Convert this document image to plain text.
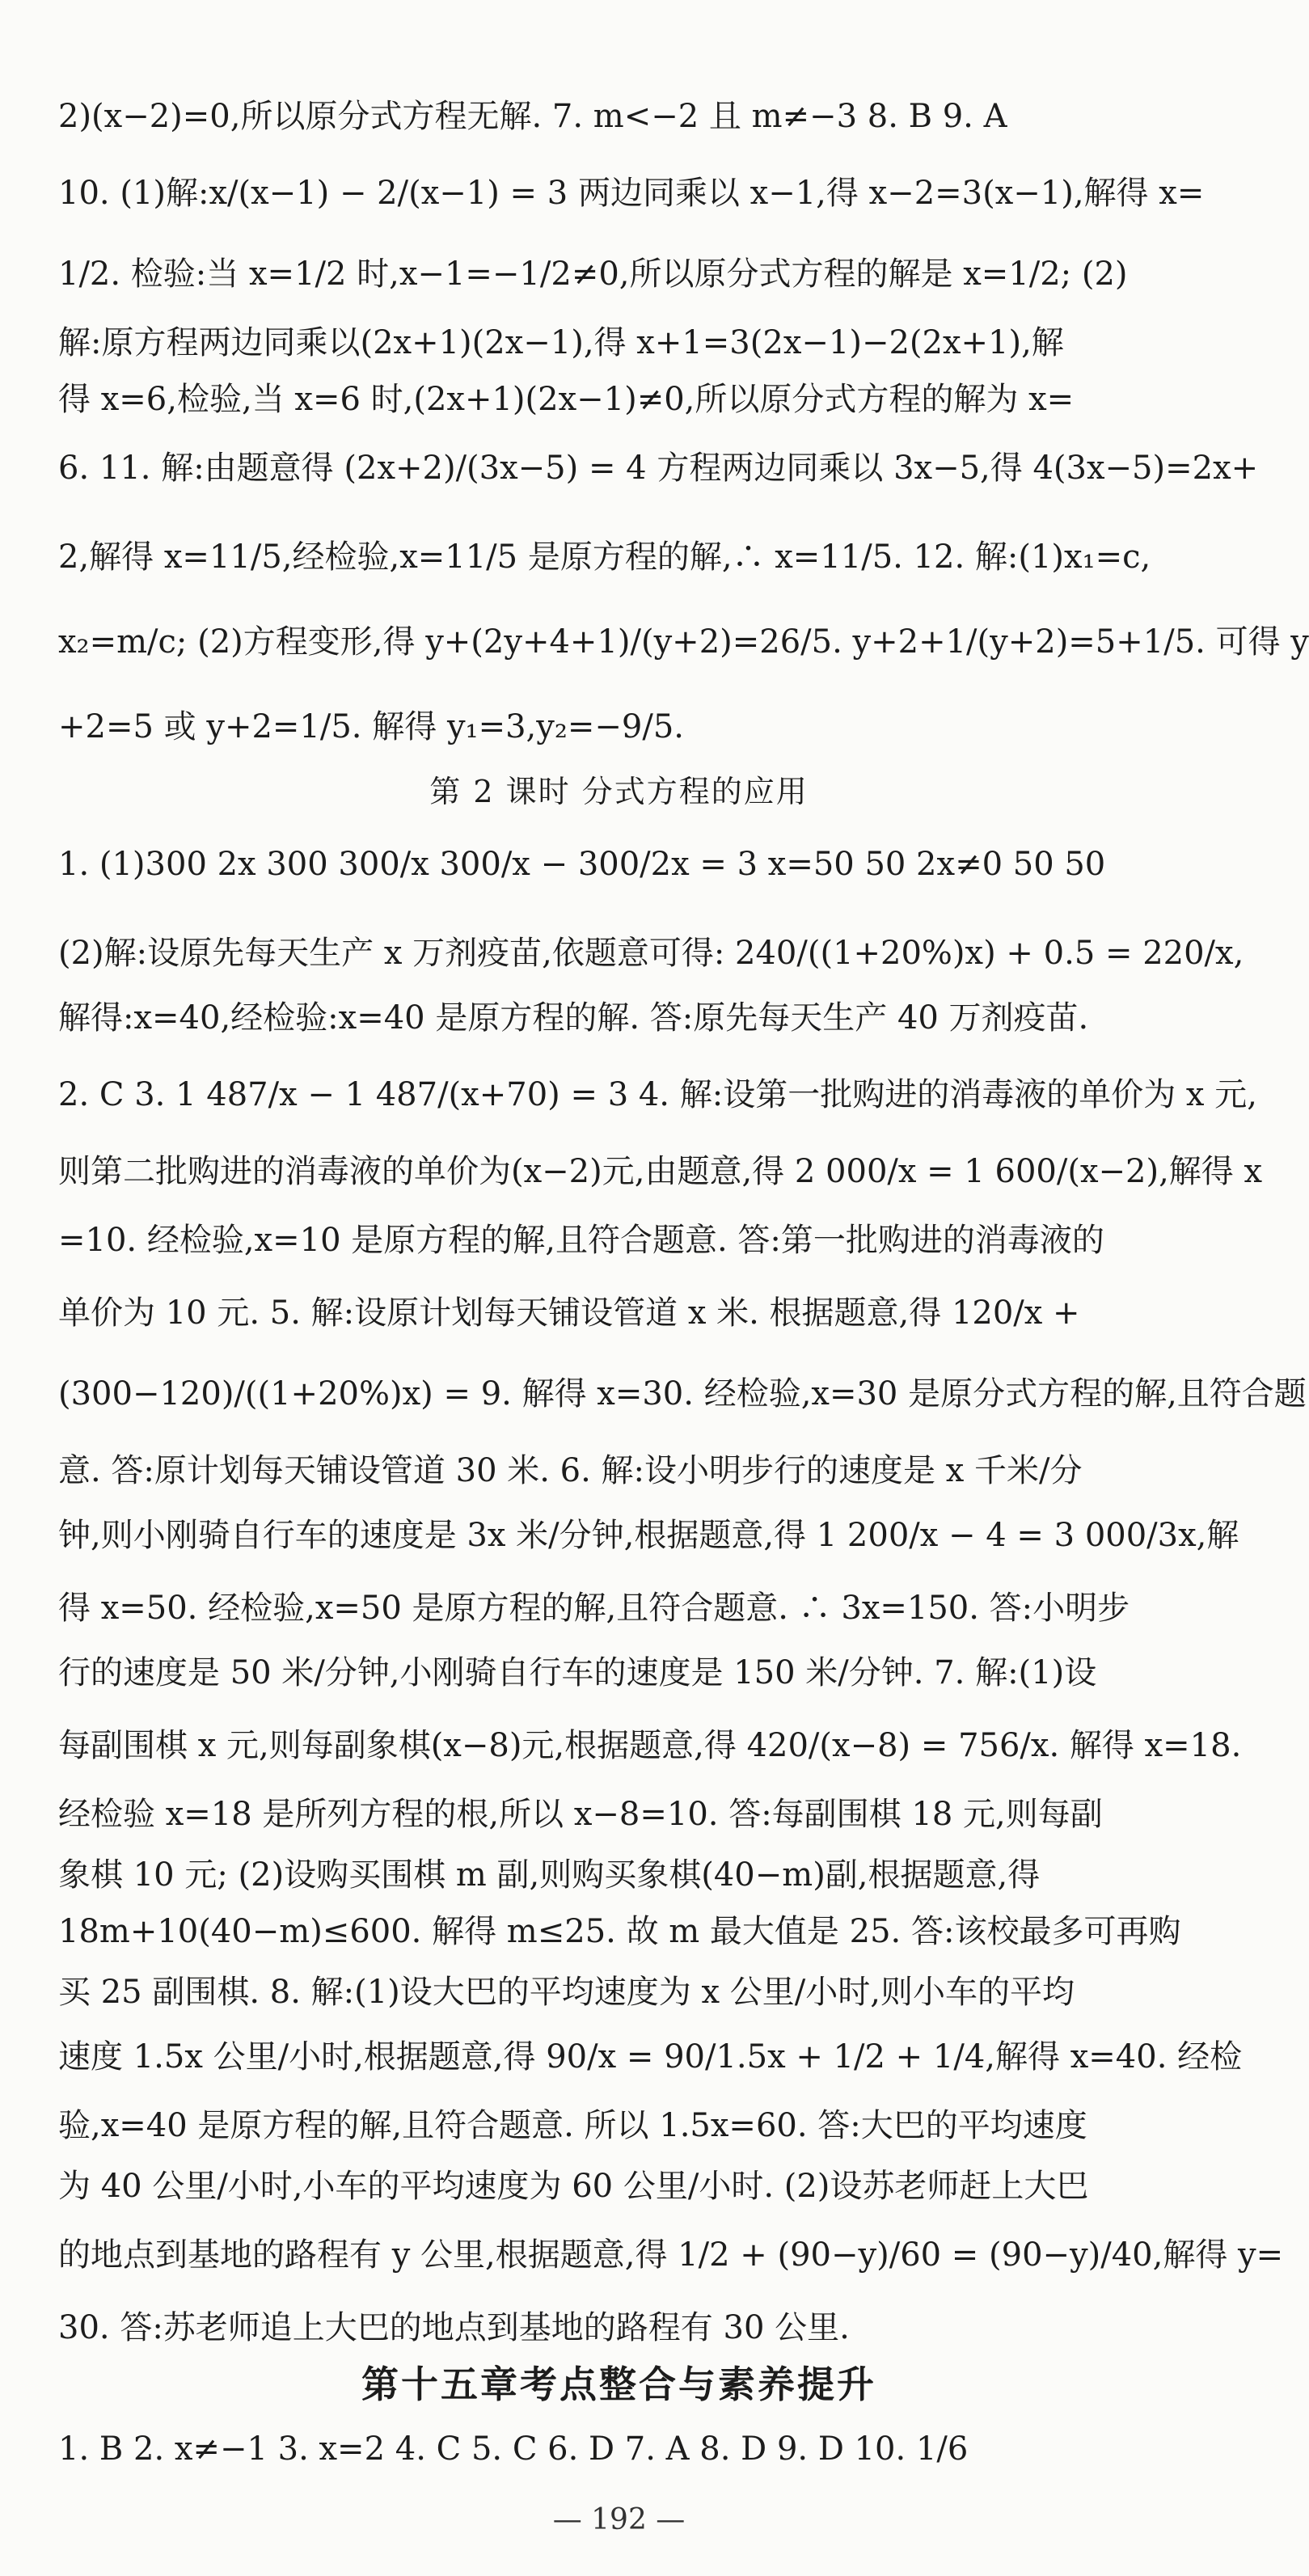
2)(x−2)=0,所以原分式方程无解. 7. m<−2 且 m≠−3 8. B 9. A
10. (1)解:x/(x−1) − 2/(x−1) = 3 两边同乘以 x−1,得 x−2=3(x−1),解得 x=
1/2. 检验:当 x=1/2 时,x−1=−1/2≠0,所以原分式方程的解是 x=1/2; (2)
解:原方程两边同乘以(2x+1)(2x−1),得 x+1=3(2x−1)−2(2x+1),解
得 x=6,检验,当 x=6 时,(2x+1)(2x−1)≠0,所以原分式方程的解为 x=
6. 11. 解:由题意得 (2x+2)/(3x−5) = 4 方程两边同乘以 3x−5,得 4(3x−5)=2x+
2,解得 x=11/5,经检验,x=11/5 是原方程的解,∴ x=11/5. 12. 解:(1)x₁=c,
x₂=m/c; (2)方程变形,得 y+(2y+4+1)/(y+2)=26/5. y+2+1/(y+2)=5+1/5. 可得 y
+2=5 或 y+2=1/5. 解得 y₁=3,y₂=−9/5.
第 2 课时 分式方程的应用
1. (1)300 2x 300 300/x 300/x − 300/2x = 3 x=50 50 2x≠0 50 50
(2)解:设原先每天生产 x 万剂疫苗,依题意可得: 240/((1+20%)x) + 0.5 = 220/x,
解得:x=40,经检验:x=40 是原方程的解. 答:原先每天生产 40 万剂疫苗.
2. C 3. 1 487/x − 1 487/(x+70) = 3 4. 解:设第一批购进的消毒液的单价为 x 元,
则第二批购进的消毒液的单价为(x−2)元,由题意,得 2 000/x = 1 600/(x−2),解得 x
=10. 经检验,x=10 是原方程的解,且符合题意. 答:第一批购进的消毒液的
单价为 10 元. 5. 解:设原计划每天铺设管道 x 米. 根据题意,得 120/x +
(300−120)/((1+20%)x) = 9. 解得 x=30. 经检验,x=30 是原分式方程的解,且符合题
意. 答:原计划每天铺设管道 30 米. 6. 解:设小明步行的速度是 x 千米/分
钟,则小刚骑自行车的速度是 3x 米/分钟,根据题意,得 1 200/x − 4 = 3 000/3x,解
得 x=50. 经检验,x=50 是原方程的解,且符合题意. ∴ 3x=150. 答:小明步
行的速度是 50 米/分钟,小刚骑自行车的速度是 150 米/分钟. 7. 解:(1)设
每副围棋 x 元,则每副象棋(x−8)元,根据题意,得 420/(x−8) = 756/x. 解得 x=18.
经检验 x=18 是所列方程的根,所以 x−8=10. 答:每副围棋 18 元,则每副
象棋 10 元; (2)设购买围棋 m 副,则购买象棋(40−m)副,根据题意,得
18m+10(40−m)≤600. 解得 m≤25. 故 m 最大值是 25. 答:该校最多可再购
买 25 副围棋. 8. 解:(1)设大巴的平均速度为 x 公里/小时,则小车的平均
速度 1.5x 公里/小时,根据题意,得 90/x = 90/1.5x + 1/2 + 1/4,解得 x=40. 经检
验,x=40 是原方程的解,且符合题意. 所以 1.5x=60. 答:大巴的平均速度
为 40 公里/小时,小车的平均速度为 60 公里/小时. (2)设苏老师赶上大巴
的地点到基地的路程有 y 公里,根据题意,得 1/2 + (90−y)/60 = (90−y)/40,解得 y=
30. 答:苏老师追上大巴的地点到基地的路程有 30 公里.
第十五章考点整合与素养提升
1. B 2. x≠−1 3. x=2 4. C 5. C 6. D 7. A 8. D 9. D 10. 1/6
— 192 —
